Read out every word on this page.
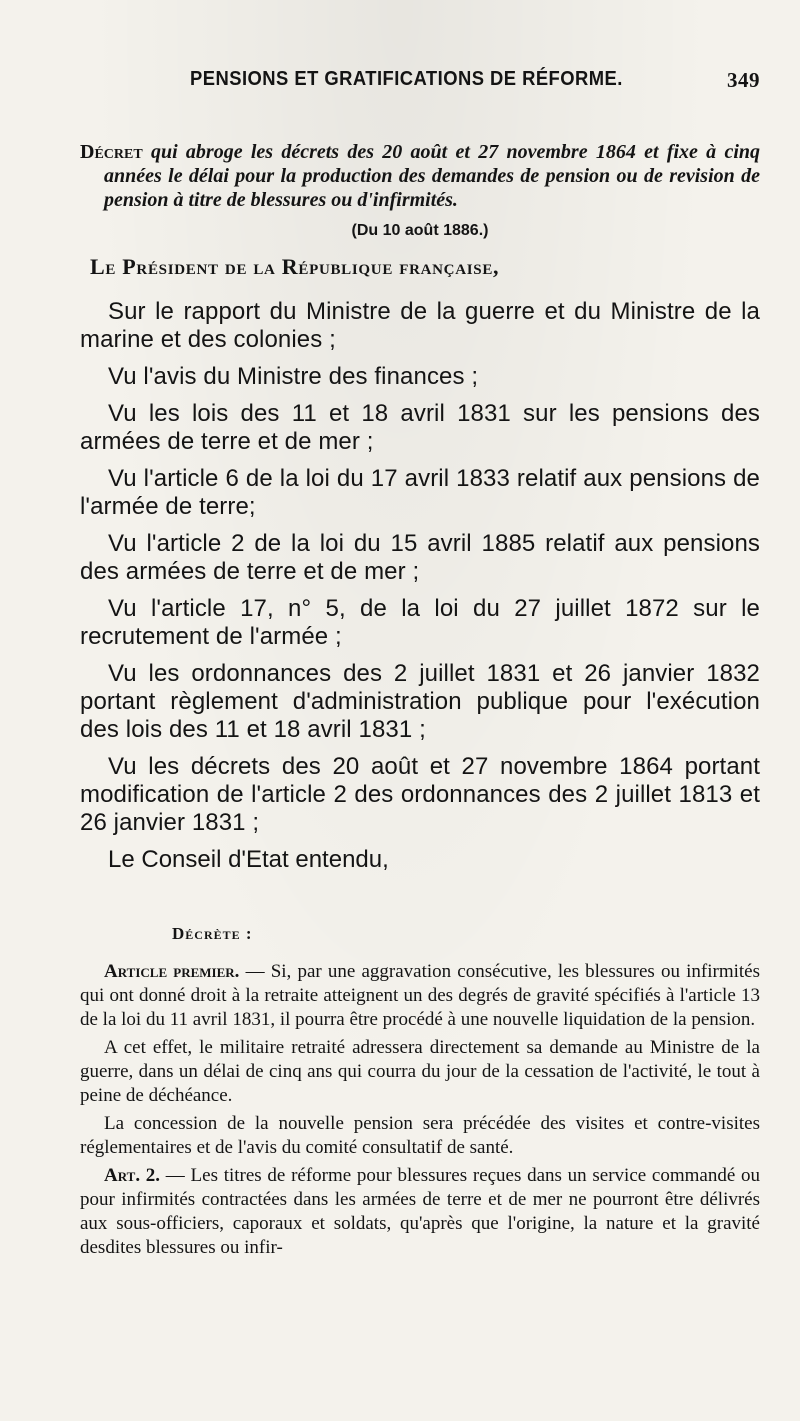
PENSIONS ET GRATIFICATIONS DE RÉFORME.	349

Décret qui abroge les décrets des 20 août et 27 novembre 1864 et fixe à cinq années le délai pour la production des demandes de pension ou de revision de pension à titre de blessures ou d'infirmités.

(Du 10 août 1886.)
Le Président de la République française,
Sur le rapport du Ministre de la guerre et du Ministre de la marine et des colonies ;
Vu l'avis du Ministre des finances ;
Vu les lois des 11 et 18 avril 1831 sur les pensions des armées de terre et de mer ;
Vu l'article 6 de la loi du 17 avril 1833 relatif aux pensions de l'armée de terre;
Vu l'article 2 de la loi du 15 avril 1885 relatif aux pensions des armées de terre et de mer ;
Vu l'article 17, n° 5, de la loi du 27 juillet 1872 sur le recrutement de l'armée ;
Vu les ordonnances des 2 juillet 1831 et 26 janvier 1832 portant règlement d'administration publique pour l'exécution des lois des 11 et 18 avril 1831 ;
Vu les décrets des 20 août et 27 novembre 1864 portant modification de l'article 2 des ordonnances des 2 juillet 1813 et 26 janvier 1831 ;
Le Conseil d'Etat entendu,
Décrète :

Article premier. — Si, par une aggravation consécutive, les blessures ou infirmités qui ont donné droit à la retraite atteignent un des degrés de gravité spécifiés à l'article 13 de la loi du 11 avril 1831, il pourra être procédé à une nouvelle liquidation de la pension.

A cet effet, le militaire retraité adressera directement sa demande au Ministre de la guerre, dans un délai de cinq ans qui courra du jour de la cessation de l'activité, le tout à peine de déchéance.

La concession de la nouvelle pension sera précédée des visites et contre-visites réglementaires et de l'avis du comité consultatif de santé.

Art. 2. — Les titres de réforme pour blessures reçues dans un service commandé ou pour infirmités contractées dans les armées de terre et de mer ne pourront être délivrés aux sous-officiers, caporaux et soldats, qu'après que l'origine, la nature et la gravité desdites blessures ou infir-
